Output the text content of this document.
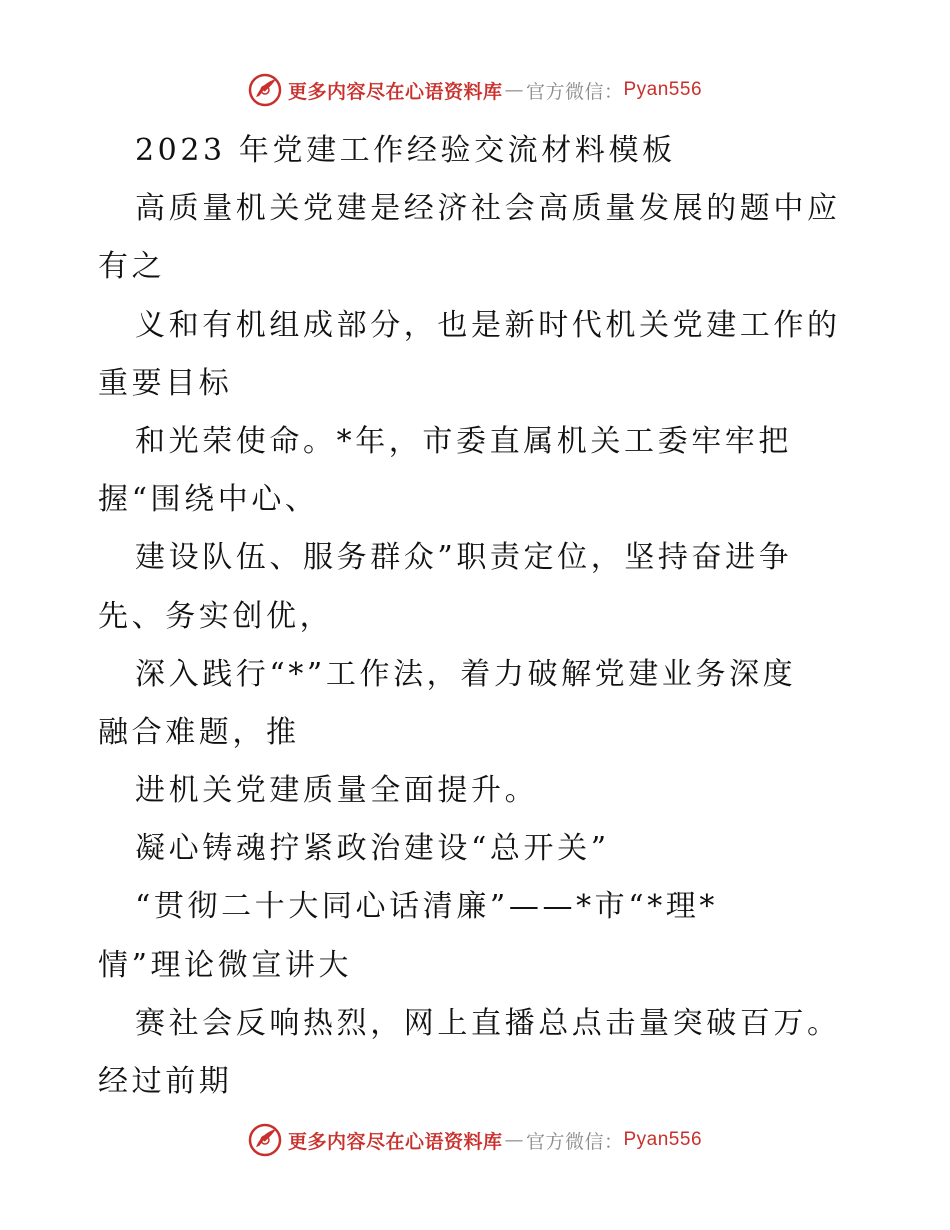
更多内容尽在心语资料库 — 官方微信： Pyan556
2023 年党建工作经验交流材料模板
高质量机关党建是经济社会高质量发展的题中应
有之
义和有机组成部分，也是新时代机关党建工作的
重要目标
和光荣使命。*年，市委直属机关工委牢牢把
握“围绕中心、
建设队伍、服务群众”职责定位，坚持奋进争
先、务实创优，
深入践行“*”工作法，着力破解党建业务深度
融合难题，推
进机关党建质量全面提升。
凝心铸魂拧紧政治建设“总开关”
“贯彻二十大同心话清廉”——*市“*理*
情”理论微宣讲大
赛社会反响热烈，网上直播总点击量突破百万。
经过前期
更多内容尽在心语资料库 — 官方微信： Pyan556
